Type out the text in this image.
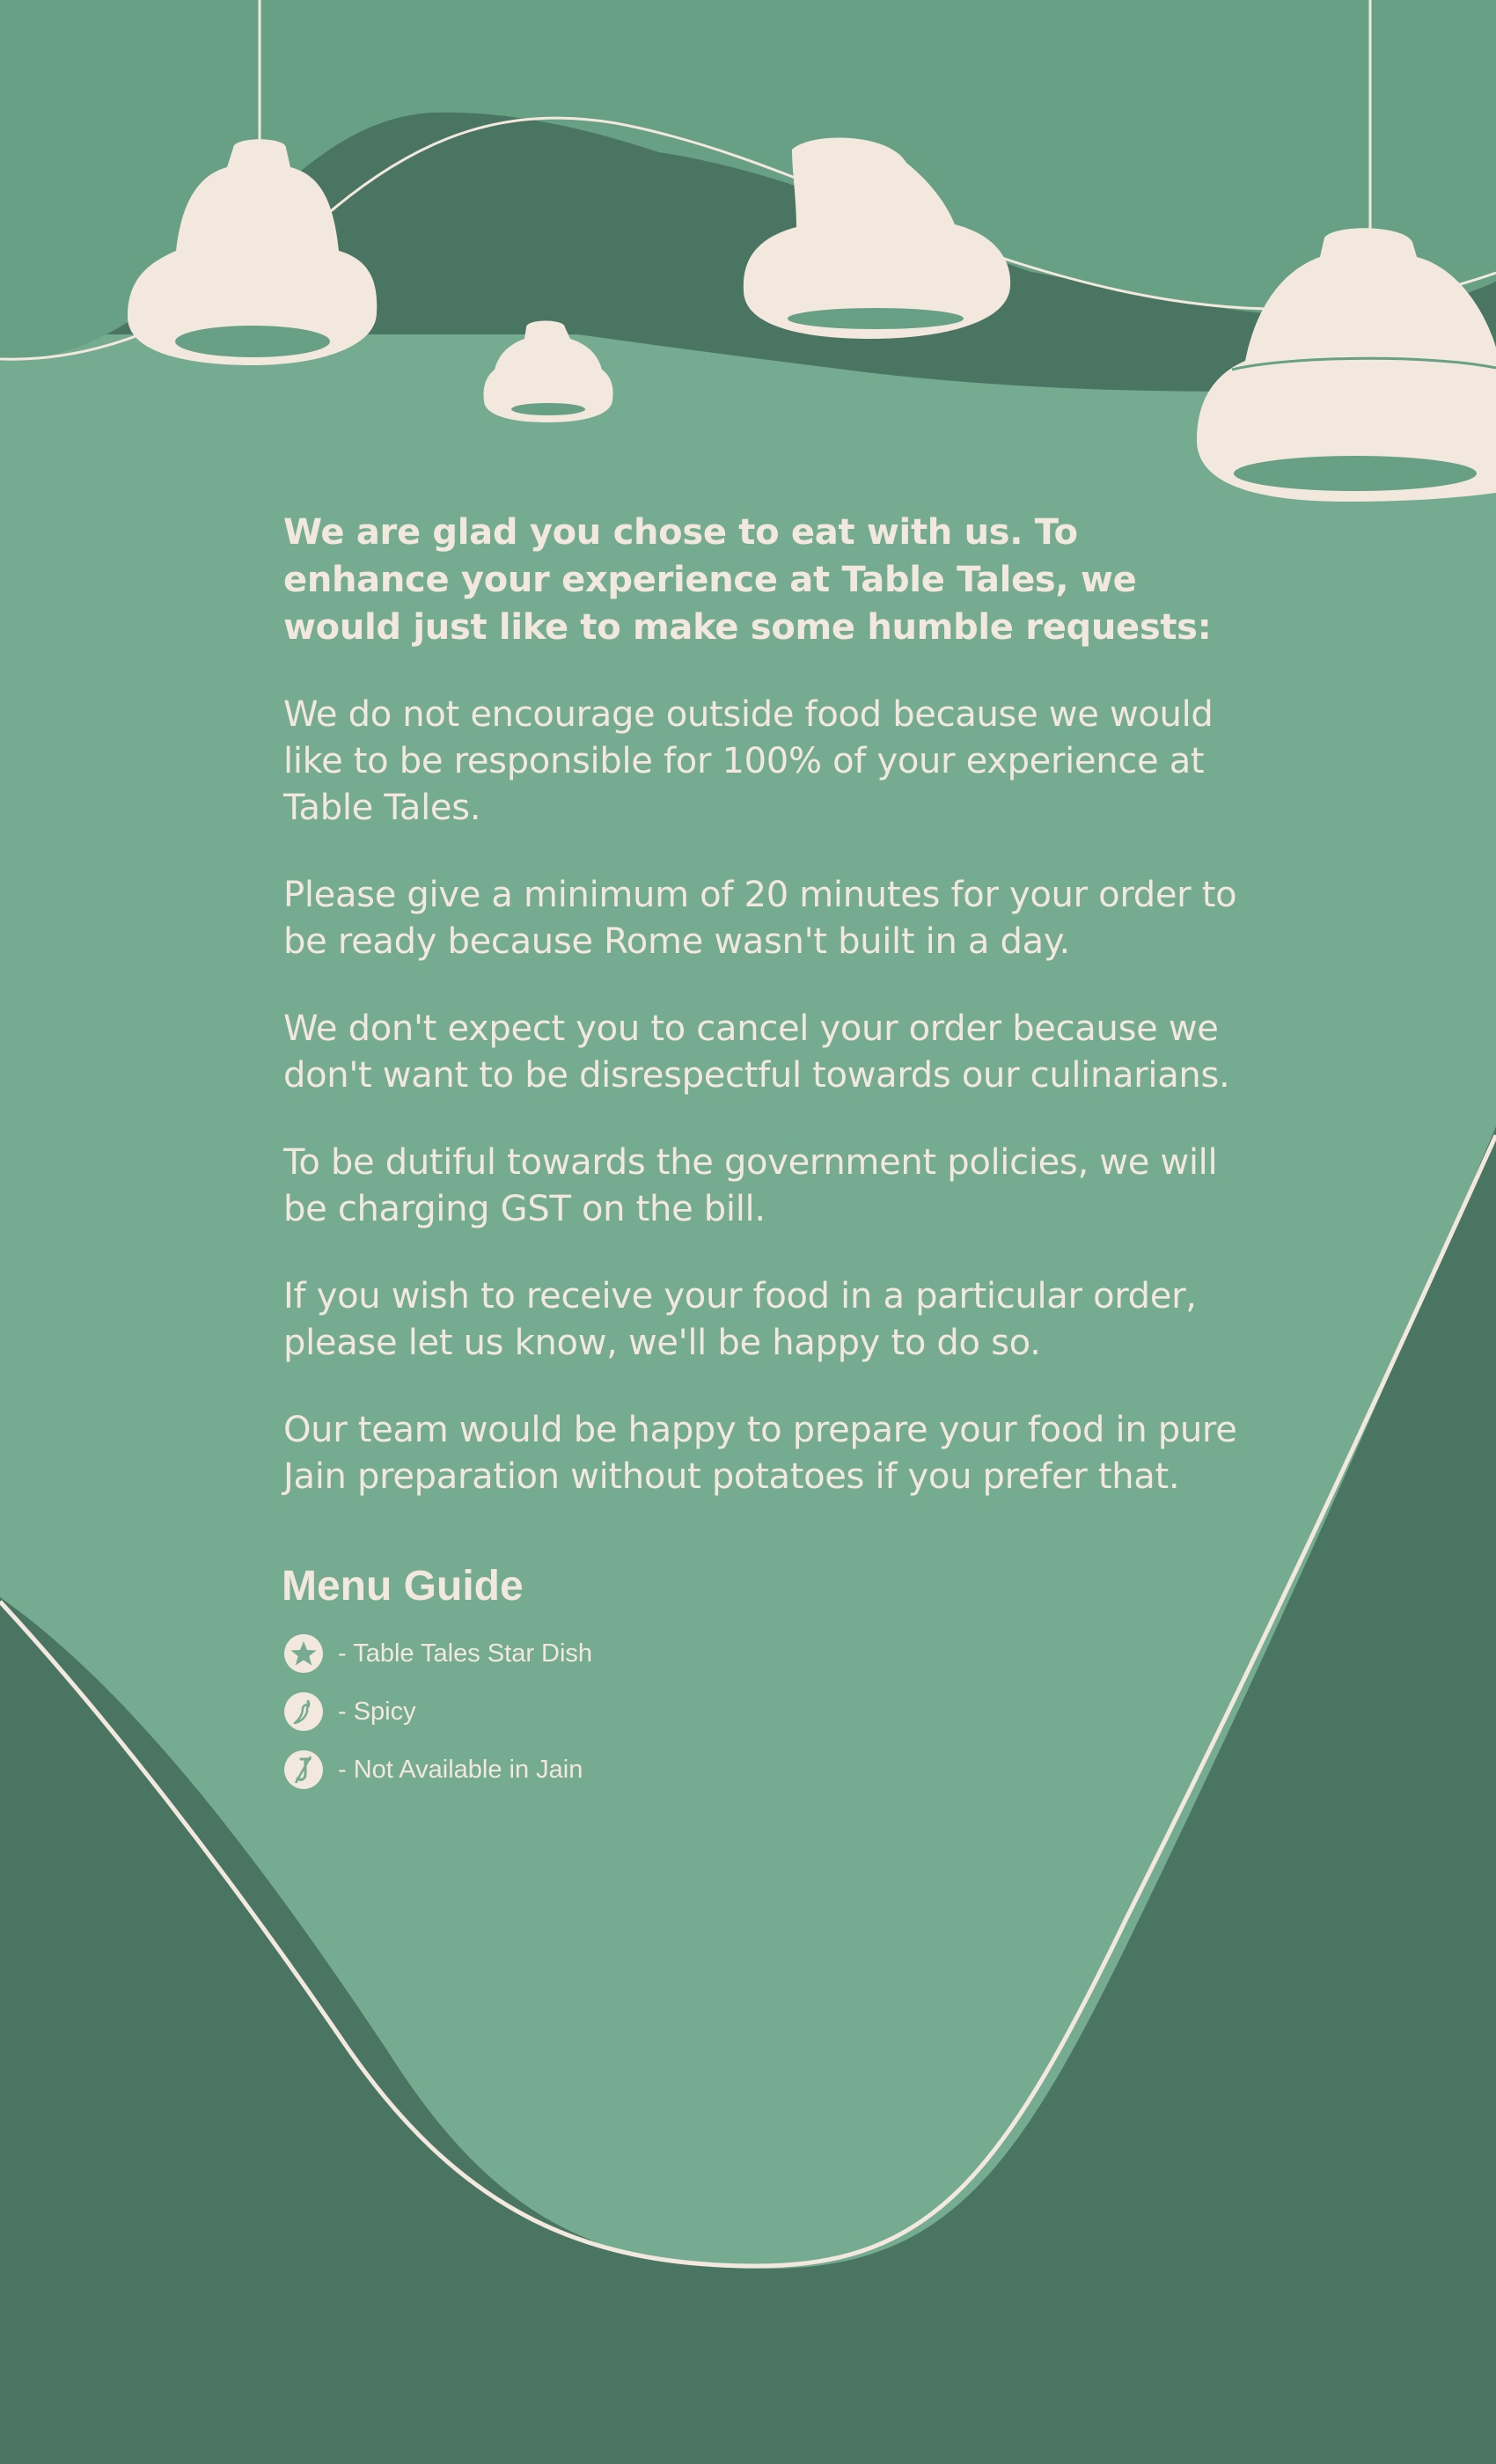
We are glad you chose to eat with us. To enhance your experience at Table Tales, we would just like to make some humble requests:

We do not encourage outside food because we would like to be responsible for 100% of your experience at Table Tales.

Please give a minimum of 20 minutes for your order to be ready because Rome wasn't built in a day.

We don't expect you to cancel your order because we don't want to be disrespectful towards our culinarians.

To be dutiful towards the government policies, we will be charging GST on the bill.

If you wish to receive your food in a particular order, please let us know, we'll be happy to do so.

Our team would be happy to prepare your food in pure Jain preparation without potatoes if you prefer that.

Menu Guide
- Table Tales Star Dish
- Spicy
- Not Available in Jain
